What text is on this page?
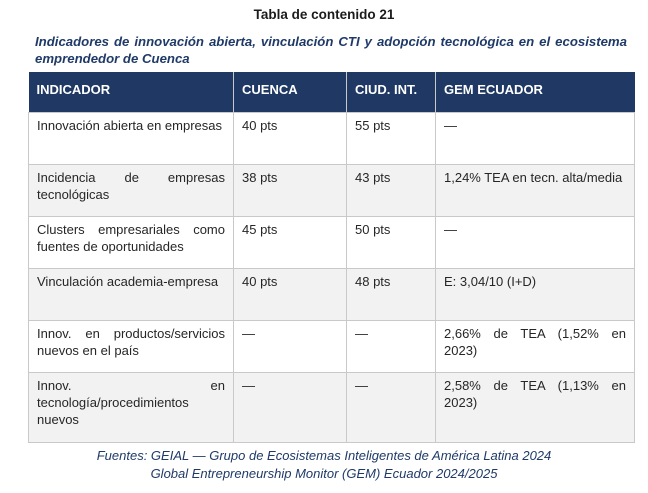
Tabla de contenido 21
Indicadores de innovación abierta, vinculación CTI y adopción tecnológica en el ecosistema emprendedor de Cuenca
INDICADOR	CUENCA	CIUD. INT.	GEM ECUADOR
Innovación abierta en empresas	40 pts	55 pts	—
Incidencia de empresas tecnológicas	38 pts	43 pts	1,24% TEA en tecn. alta/media
Clusters empresariales como fuentes de oportunidades	45 pts	50 pts	—
Vinculación academia-empresa	40 pts	48 pts	E: 3,04/10 (I+D)
Innov. en productos/servicios nuevos en el país	—	—	2,66% de TEA (1,52% en 2023)
Innov. en tecnología/procedimientos nuevos	—	—	2,58% de TEA (1,13% en 2023)
Fuentes: GEIAL — Grupo de Ecosistemas Inteligentes de América Latina 2024
Global Entrepreneurship Monitor (GEM) Ecuador 2024/2025
